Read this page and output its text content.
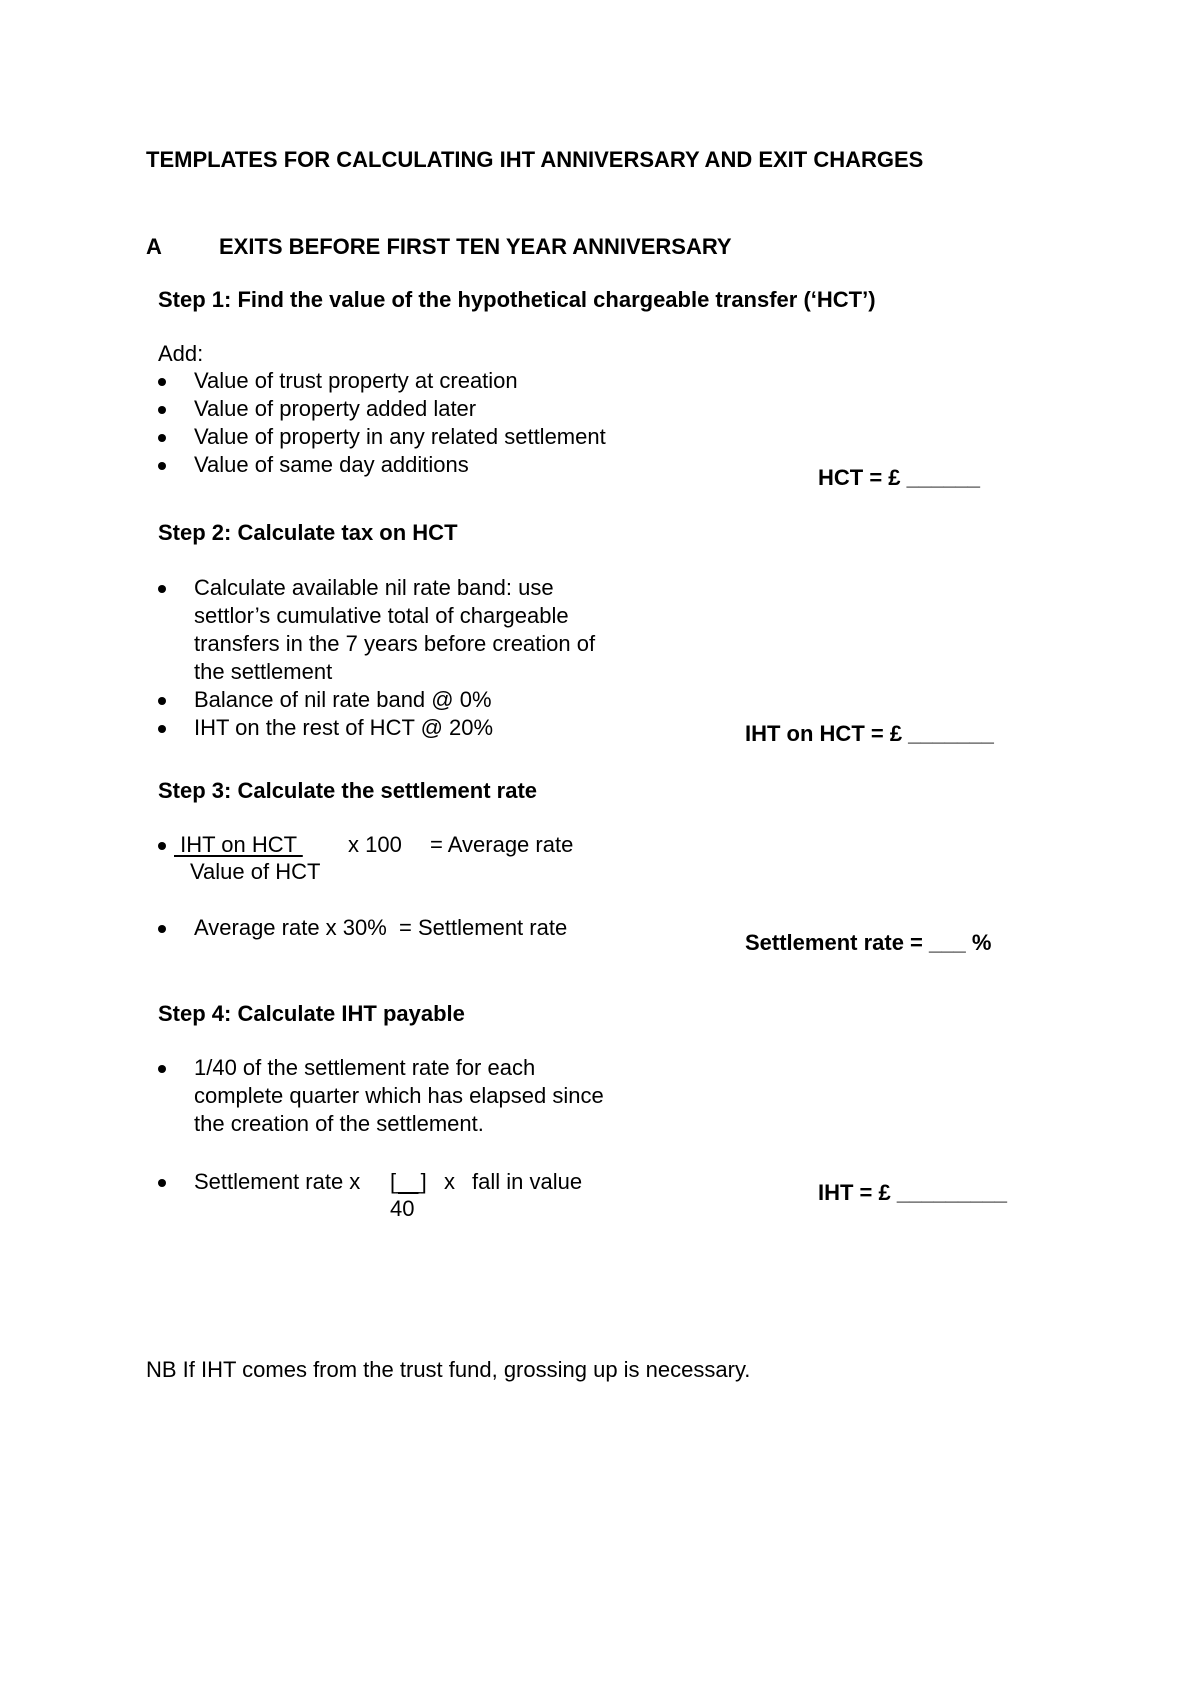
TEMPLATES FOR CALCULATING IHT ANNIVERSARY AND EXIT CHARGES
A	EXITS BEFORE FIRST TEN YEAR ANNIVERSARY
Step 1: Find the value of the hypothetical chargeable transfer (‘HCT’)
Add:
Value of trust property at creation
Value of property added later
Value of property in any related settlement
Value of same day additions
HCT = £ ______
Step 2: Calculate tax on HCT
Calculate available nil rate band: use
settlor’s cumulative total of chargeable
transfers in the 7 years before creation of
the settlement
Balance of nil rate band @ 0%
IHT on the rest of HCT @ 20%	IHT on HCT = £ _______
Step 3: Calculate the settlement rate
IHT on HCT x 100 = Average rate
Value of HCT
Average rate x 30%  = Settlement rate
Settlement rate = ___ %
Step 4: Calculate IHT payable
1/40 of the settlement rate for each
complete quarter which has elapsed since
the creation of the settlement.
Settlement rate x [__] x fall in value
40
IHT = £ _________
NB If IHT comes from the trust fund, grossing up is necessary.
